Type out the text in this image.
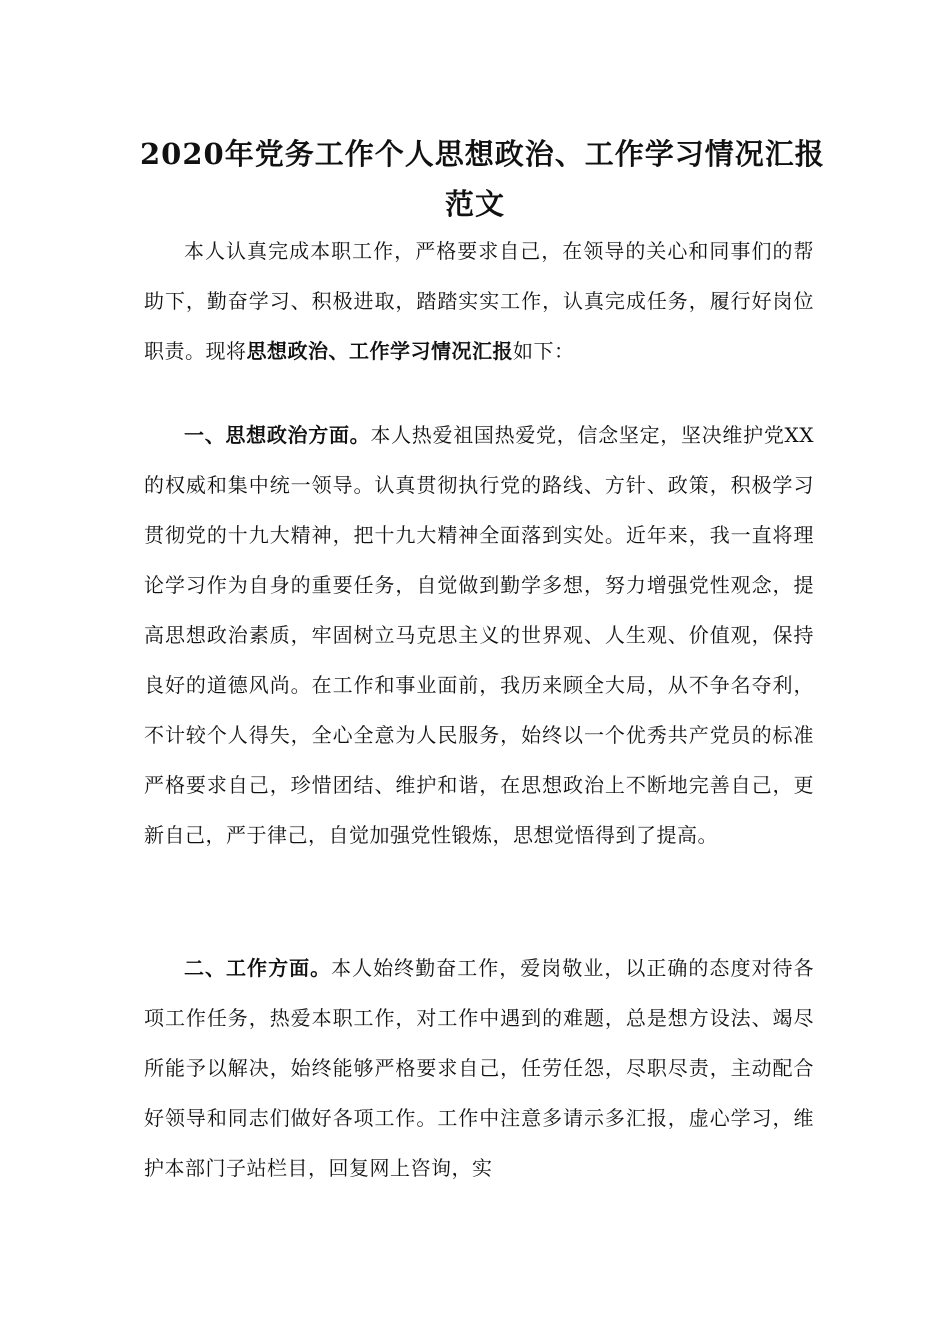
2020年党务工作个人思想政治、工作学习情况汇报
范文

本人认真完成本职工作，严格要求自己，在领导的关心和同事们的帮助下，勤奋学习、积极进取，踏踏实实工作，认真完成任务，履行好岗位职责。现将思想政治、工作学习情况汇报如下：

一、思想政治方面。本人热爱祖国热爱党，信念坚定，坚决维护党XX的权威和集中统一领导。认真贯彻执行党的路线、方针、政策，积极学习贯彻党的十九大精神，把十九大精神全面落到实处。近年来，我一直将理论学习作为自身的重要任务，自觉做到勤学多想，努力增强党性观念，提高思想政治素质，牢固树立马克思主义的世界观、人生观、价值观，保持良好的道德风尚。在工作和事业面前，我历来顾全大局，从不争名夺利，不计较个人得失，全心全意为人民服务，始终以一个优秀共产党员的标准严格要求自己，珍惜团结、维护和谐，在思想政治上不断地完善自己，更新自己，严于律己，自觉加强党性锻炼，思想觉悟得到了提高。

二、工作方面。本人始终勤奋工作，爱岗敬业，以正确的态度对待各项工作任务，热爱本职工作，对工作中遇到的难题，总是想方设法、竭尽所能予以解决，始终能够严格要求自己，任劳任怨，尽职尽责，主动配合好领导和同志们做好各项工作。工作中注意多请示多汇报，虚心学习，维护本部门子站栏目，回复网上咨询，实
